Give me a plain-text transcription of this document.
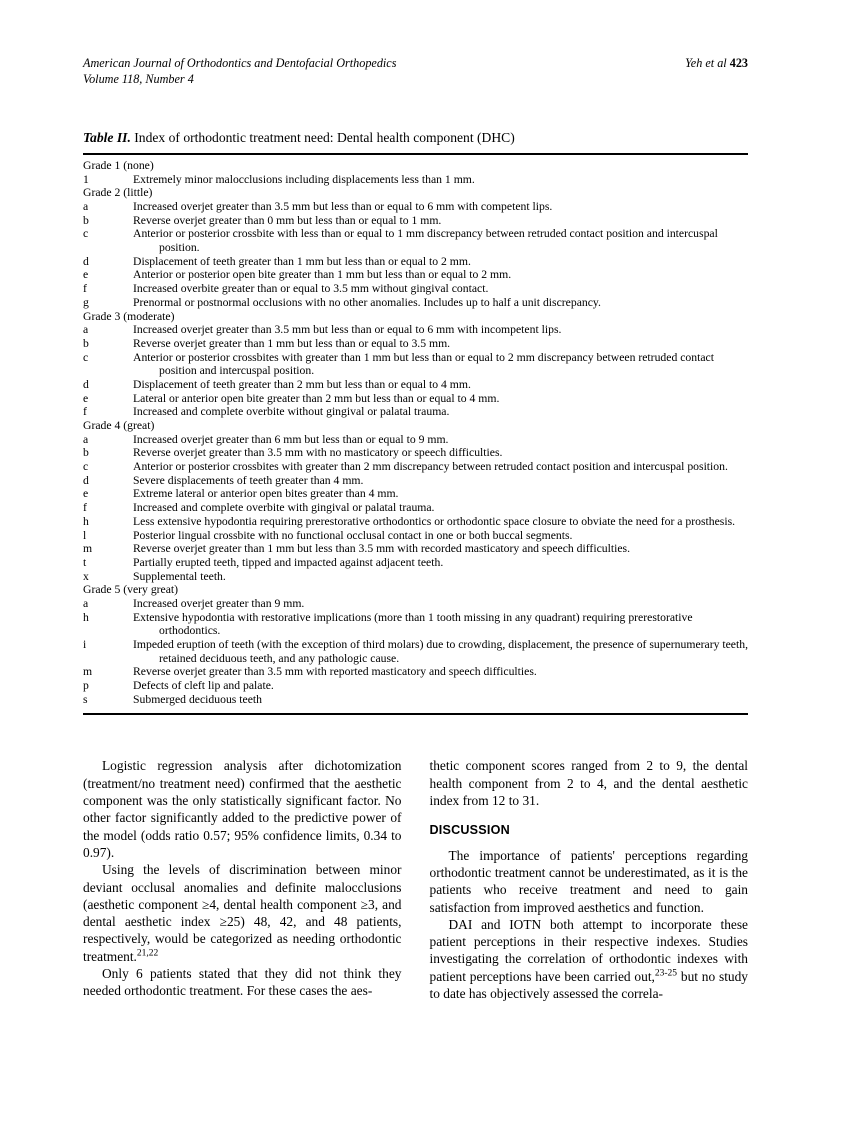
American Journal of Orthodontics and Dentofacial Orthopedics
Volume 118, Number 4
Yeh et al 423
Table II. Index of orthodontic treatment need: Dental health component (DHC)
Grade 1 (none)
1	Extremely minor malocclusions including displacements less than 1 mm.
Grade 2 (little)
a	Increased overjet greater than 3.5 mm but less than or equal to 6 mm with competent lips.
b	Reverse overjet greater than 0 mm but less than or equal to 1 mm.
c	Anterior or posterior crossbite with less than or equal to 1 mm discrepancy between retruded contact position and intercuspal position.
d	Displacement of teeth greater than 1 mm but less than or equal to 2 mm.
e	Anterior or posterior open bite greater than 1 mm but less than or equal to 2 mm.
f	Increased overbite greater than or equal to 3.5 mm without gingival contact.
g	Prenormal or postnormal occlusions with no other anomalies. Includes up to half a unit discrepancy.
Grade 3 (moderate)
a	Increased overjet greater than 3.5 mm but less than or equal to 6 mm with incompetent lips.
b	Reverse overjet greater than 1 mm but less than or equal to 3.5 mm.
c	Anterior or posterior crossbites with greater than 1 mm but less than or equal to 2 mm discrepancy between retruded contact position and intercuspal position.
d	Displacement of teeth greater than 2 mm but less than or equal to 4 mm.
e	Lateral or anterior open bite greater than 2 mm but less than or equal to 4 mm.
f	Increased and complete overbite without gingival or palatal trauma.
Grade 4 (great)
a	Increased overjet greater than 6 mm but less than or equal to 9 mm.
b	Reverse overjet greater than 3.5 mm with no masticatory or speech difficulties.
c	Anterior or posterior crossbites with greater than 2 mm discrepancy between retruded contact position and intercuspal position.
d	Severe displacements of teeth greater than 4 mm.
e	Extreme lateral or anterior open bites greater than 4 mm.
f	Increased and complete overbite with gingival or palatal trauma.
h	Less extensive hypodontia requiring prerestorative orthodontics or orthodontic space closure to obviate the need for a prosthesis.
l	Posterior lingual crossbite with no functional occlusal contact in one or both buccal segments.
m	Reverse overjet greater than 1 mm but less than 3.5 mm with recorded masticatory and speech difficulties.
t	Partially erupted teeth, tipped and impacted against adjacent teeth.
x	Supplemental teeth.
Grade 5 (very great)
a	Increased overjet greater than 9 mm.
h	Extensive hypodontia with restorative implications (more than 1 tooth missing in any quadrant) requiring prerestorative orthodontics.
i	Impeded eruption of teeth (with the exception of third molars) due to crowding, displacement, the presence of supernumerary teeth, retained deciduous teeth, and any pathologic cause.
m	Reverse overjet greater than 3.5 mm with reported masticatory and speech difficulties.
p	Defects of cleft lip and palate.
s	Submerged deciduous teeth

Logistic regression analysis after dichotomization (treatment/no treatment need) confirmed that the aesthetic component was the only statistically significant factor. No other factor significantly added to the predictive power of the model (odds ratio 0.57; 95% confidence limits, 0.34 to 0.97).

Using the levels of discrimination between minor deviant occlusal anomalies and definite malocclusions (aesthetic component ≥4, dental health component ≥3, and dental aesthetic index ≥25) 48, 42, and 48 patients, respectively, would be categorized as needing orthodontic treatment.$^{21,22}$

Only 6 patients stated that they did not think they needed orthodontic treatment. For these cases the aes-

thetic component scores ranged from 2 to 9, the dental health component from 2 to 4, and the dental aesthetic index from 12 to 31.

DISCUSSION

The importance of patients' perceptions regarding orthodontic treatment cannot be underestimated, as it is the patients who receive treatment and need to gain satisfaction from improved aesthetics and function.

DAI and IOTN both attempt to incorporate these patient perceptions in their respective indexes. Studies investigating the correlation of orthodontic indexes with patient perceptions have been carried out,$^{23-25}$ but no study to date has objectively assessed the correla-
